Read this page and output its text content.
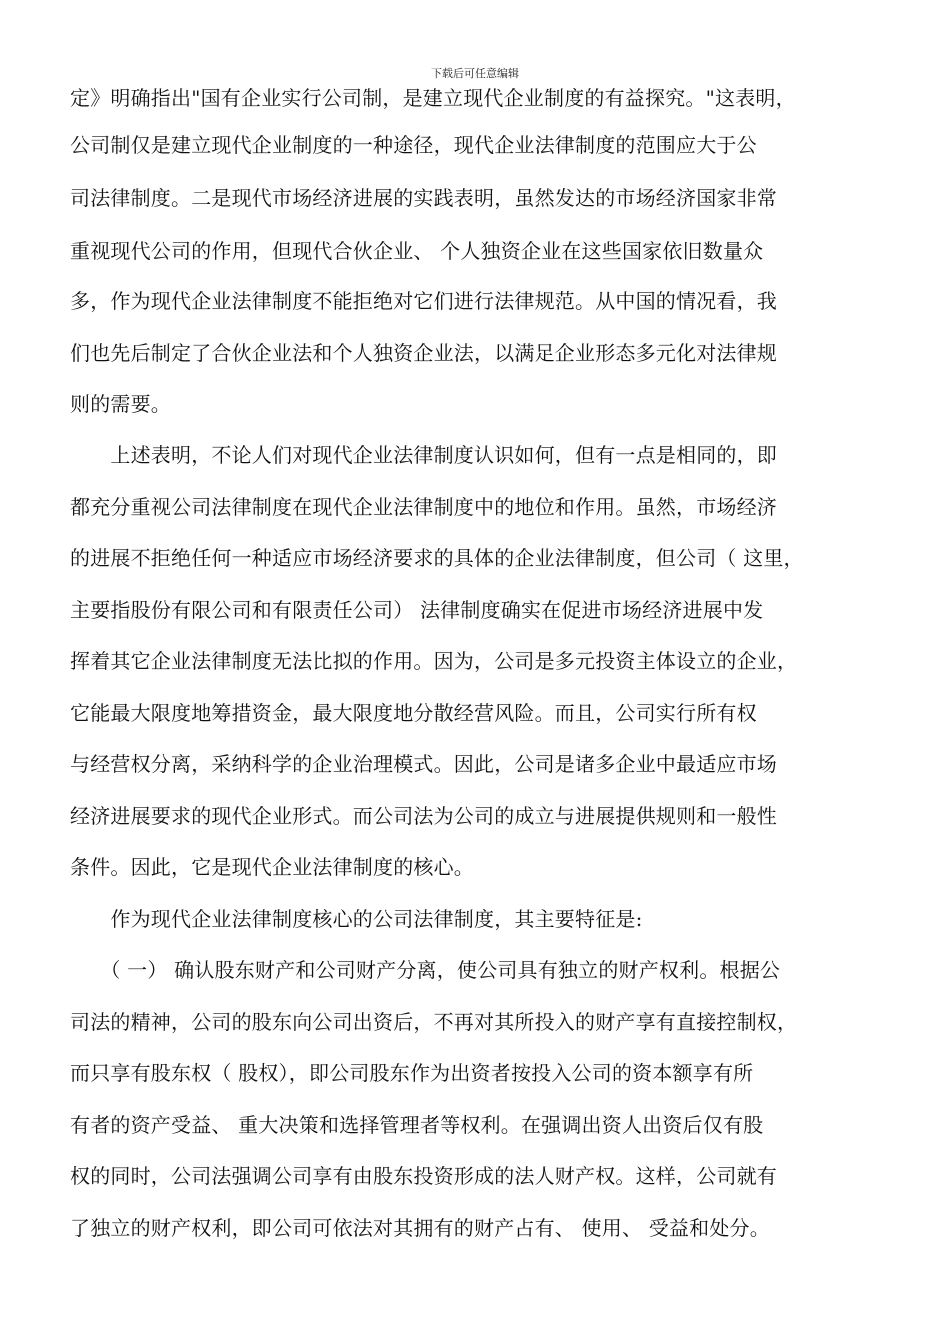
下载后可任意编辑
定》明确指出"国有企业实行公司制，是建立现代企业制度的有益探究。"这表明，
公司制仅是建立现代企业制度的一种途径，现代企业法律制度的范围应大于公
司法律制度。二是现代市场经济进展的实践表明，虽然发达的市场经济国家非常
重视现代公司的作用，但现代合伙企业、 个人独资企业在这些国家依旧数量众
多，作为现代企业法律制度不能拒绝对它们进行法律规范。从中国的情况看，我
们也先后制定了合伙企业法和个人独资企业法，以满足企业形态多元化对法律规
则的需要。
　　上述表明，不论人们对现代企业法律制度认识如何，但有一点是相同的，即
都充分重视公司法律制度在现代企业法律制度中的地位和作用。虽然，市场经济
的进展不拒绝任何一种适应市场经济要求的具体的企业法律制度，但公司（ 这里，
主要指股份有限公司和有限责任公司） 法律制度确实在促进市场经济进展中发
挥着其它企业法律制度无法比拟的作用。因为，公司是多元投资主体设立的企业，
它能最大限度地筹措资金，最大限度地分散经营风险。而且，公司实行所有权
与经营权分离，采纳科学的企业治理模式。因此，公司是诸多企业中最适应市场
经济进展要求的现代企业形式。而公司法为公司的成立与进展提供规则和一般性
条件。因此，它是现代企业法律制度的核心。
　　作为现代企业法律制度核心的公司法律制度，其主要特征是:
　　（ 一） 确认股东财产和公司财产分离，使公司具有独立的财产权利。根据公
司法的精神，公司的股东向公司出资后，不再对其所投入的财产享有直接控制权，
而只享有股东权（ 股权），即公司股东作为出资者按投入公司的资本额享有所
有者的资产受益、 重大决策和选择管理者等权利。在强调出资人出资后仅有股
权的同时，公司法强调公司享有由股东投资形成的法人财产权。这样，公司就有
了独立的财产权利，即公司可依法对其拥有的财产占有、 使用、 受益和处分。
